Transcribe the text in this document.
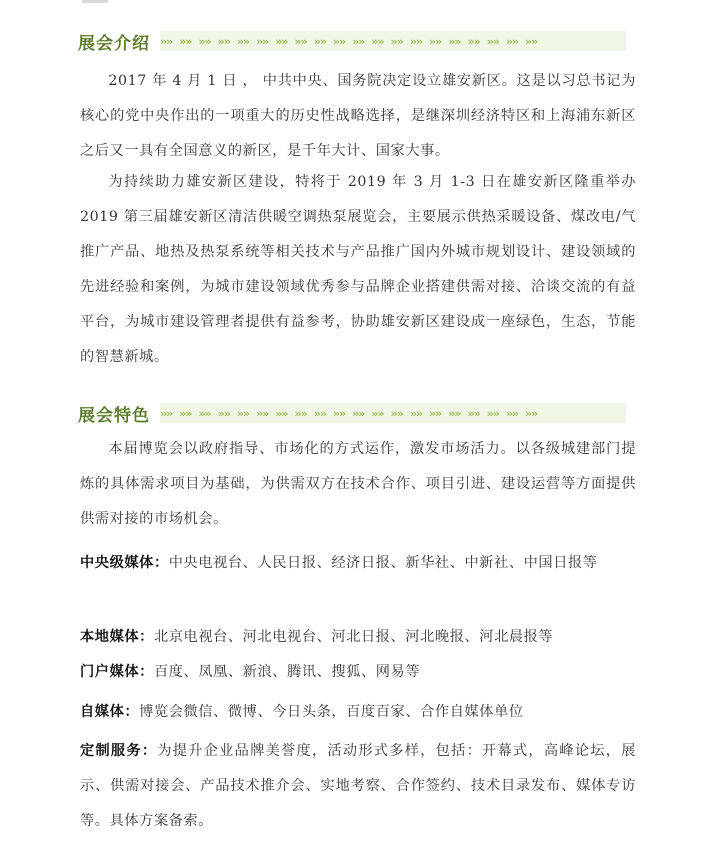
展会介绍 »» »» »» »» »» »» »» »» »» »» »» »» »» »» »» »» »» »» »» »»

2017 年 4 月 1 日 ， 中共中央、国务院决定设立雄安新区。这是以习总书记为核心的党中央作出的一项重大的历史性战略选择，是继深圳经济特区和上海浦东新区之后又一具有全国意义的新区，是千年大计、国家大事。

为持续助力雄安新区建设，特将于 2019 年 3 月 1-3 日在雄安新区隆重举办 2019 第三届雄安新区清洁供暖空调热泵展览会，主要展示供热采暖设备、煤改电/气推广产品、地热及热泵系统等相关技术与产品推广国内外城市规划设计、建设领域的先进经验和案例，为城市建设领域优秀参与品牌企业搭建供需对接、洽谈交流的有益平台，为城市建设管理者提供有益参考，协助雄安新区建设成一座绿色，生态，节能的智慧新城。

展会特色 »» »» »» »» »» »» »» »» »» »» »» »» »» »» »» »» »» »» »» »»

本届博览会以政府指导、市场化的方式运作，激发市场活力。以各级城建部门提炼的具体需求项目为基础，为供需双方在技术合作、项目引进、建设运营等方面提供供需对接的市场机会。

中央级媒体：中央电视台、人民日报、经济日报、新华社、中新社、中国日报等

本地媒体：北京电视台、河北电视台、河北日报、河北晚报、河北晨报等

门户媒体：百度、凤凰、新浪、腾讯、搜狐、网易等

自媒体：博览会微信、微博、今日头条，百度百家、合作自媒体单位

定制服务：为提升企业品牌美誉度，活动形式多样，包括：开幕式，高峰论坛，展示、供需对接会、产品技术推介会、实地考察、合作签约、技术目录发布、媒体专访等。具体方案备索。
